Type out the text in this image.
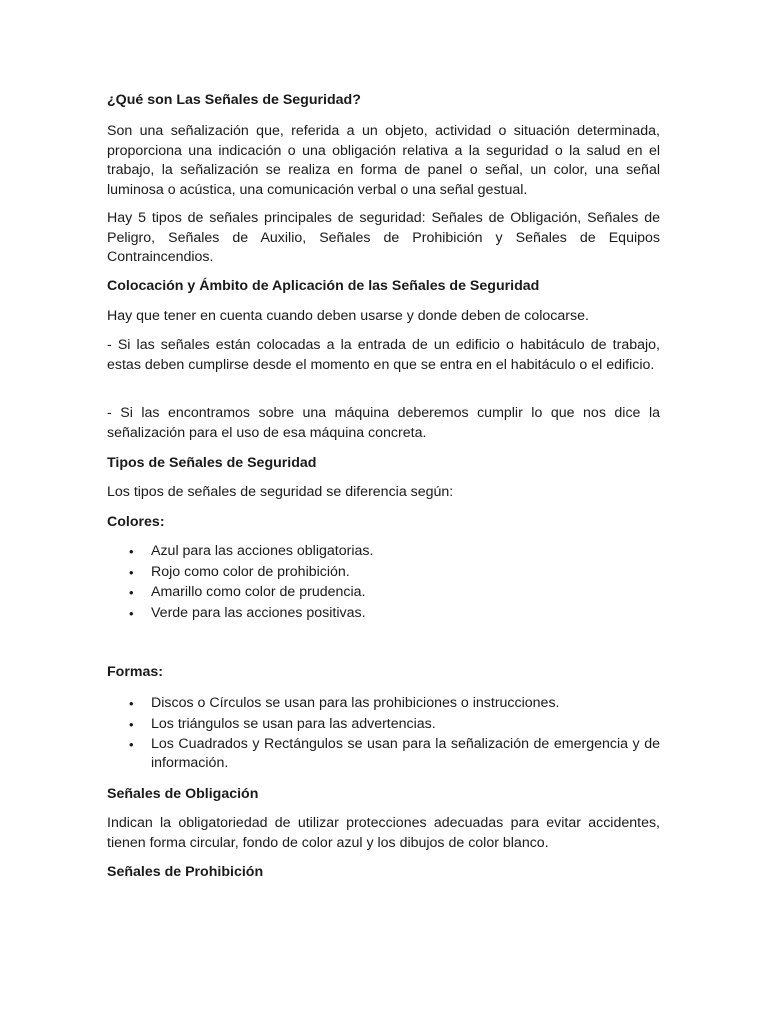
¿Qué son Las Señales de Seguridad?

Son una señalización que, referida a un objeto, actividad o situación determinada, proporciona una indicación o una obligación relativa a la seguridad o la salud en el trabajo, la señalización se realiza en forma de panel o señal, un color, una señal luminosa o acústica, una comunicación verbal o una señal gestual.

Hay 5 tipos de señales principales de seguridad: Señales de Obligación, Señales de Peligro, Señales de Auxilio, Señales de Prohibición y Señales de Equipos Contraincendios.

Colocación y Ámbito de Aplicación de las Señales de Seguridad

Hay que tener en cuenta cuando deben usarse y donde deben de colocarse.

- Si las señales están colocadas a la entrada de un edificio o habitáculo de trabajo, estas deben cumplirse desde el momento en que se entra en el habitáculo o el edificio.

- Si las encontramos sobre una máquina deberemos cumplir lo que nos dice la señalización para el uso de esa máquina concreta.

Tipos de Señales de Seguridad

Los tipos de señales de seguridad se diferencia según:

Colores:
• Azul para las acciones obligatorias.
• Rojo como color de prohibición.
• Amarillo como color de prudencia.
• Verde para las acciones positivas.
Formas:
• Discos o Círculos se usan para las prohibiciones o instrucciones.
• Los triángulos se usan para las advertencias.
• Los Cuadrados y Rectángulos se usan para la señalización de emergencia y de información.
Señales de Obligación

Indican la obligatoriedad de utilizar protecciones adecuadas para evitar accidentes, tienen forma circular, fondo de color azul y los dibujos de color blanco.

Señales de Prohibición
